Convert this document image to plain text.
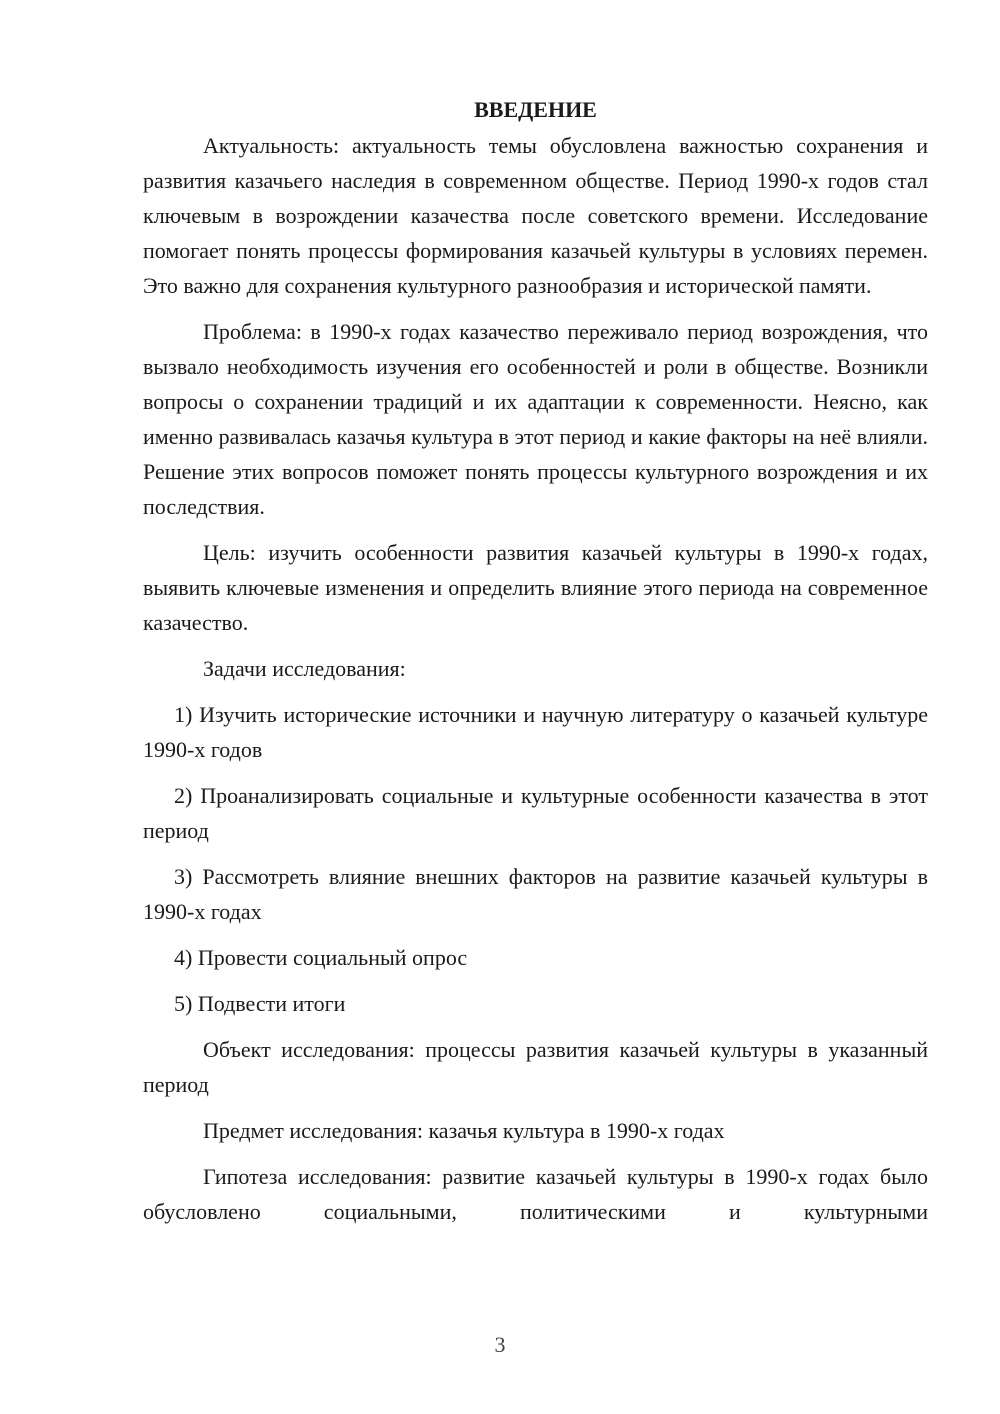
ВВЕДЕНИЕ

Актуальность: актуальность темы обусловлена важностью сохранения и развития казачьего наследия в современном обществе. Период 1990-х годов стал ключевым в возрождении казачества после советского времени. Исследование помогает понять процессы формирования казачьей культуры в условиях перемен. Это важно для сохранения культурного разнообразия и исторической памяти.

Проблема: в 1990-х годах казачество переживало период возрождения, что вызвало необходимость изучения его особенностей и роли в обществе. Возникли вопросы о сохранении традиций и их адаптации к современности. Неясно, как именно развивалась казачья культура в этот период и какие факторы на неё влияли. Решение этих вопросов поможет понять процессы культурного возрождения и их последствия.

Цель: изучить особенности развития казачьей культуры в 1990-х годах, выявить ключевые изменения и определить влияние этого периода на современное казачество.

Задачи исследования:

1) Изучить исторические источники и научную литературу о казачьей культуре 1990-х годов

2) Проанализировать социальные и культурные особенности казачества в этот период

3) Рассмотреть влияние внешних факторов на развитие казачьей культуры в 1990-х годах

4) Провести социальный опрос

5) Подвести итоги

Объект исследования: процессы развития казачьей культуры в указанный период

Предмет исследования: казачья культура в 1990-х годах

Гипотеза исследования: развитие казачьей культуры в 1990-х годах было обусловлено социальными, политическими и культурными

3
